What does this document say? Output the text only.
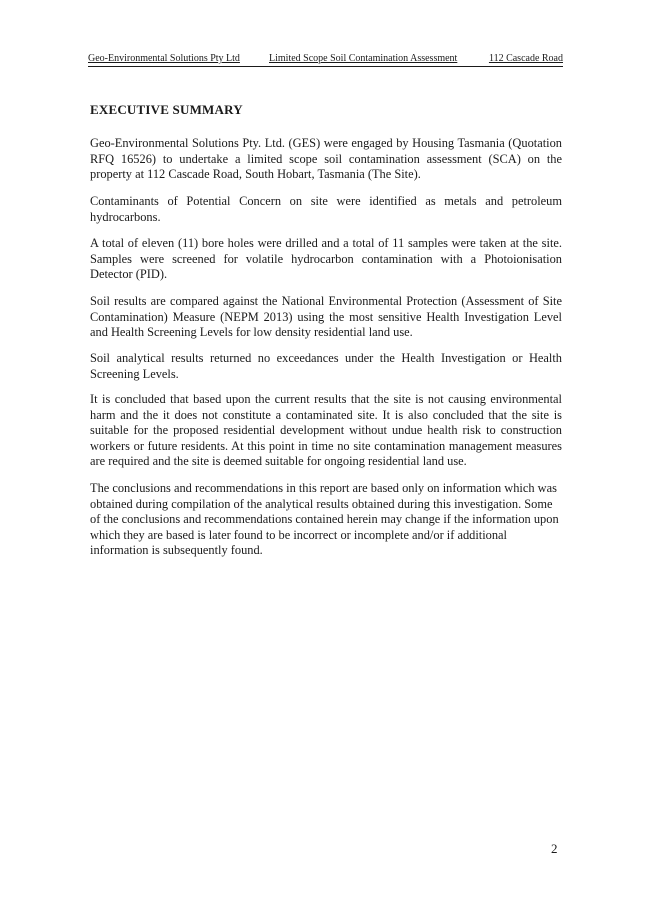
Geo-Environmental Solutions Pty Ltd	Limited Scope Soil Contamination Assessment	112 Cascade Road
EXECUTIVE SUMMARY

Geo-Environmental Solutions Pty. Ltd. (GES) were engaged by Housing Tasmania (Quotation RFQ 16526) to undertake a limited scope soil contamination assessment (SCA) on the property at 112 Cascade Road, South Hobart, Tasmania (The Site).

Contaminants of Potential Concern on site were identified as metals and petroleum hydrocarbons.

A total of eleven (11) bore holes were drilled and a total of 11 samples were taken at the site. Samples were screened for volatile hydrocarbon contamination with a Photoionisation Detector (PID).

Soil results are compared against the National Environmental Protection (Assessment of Site Contamination) Measure (NEPM 2013) using the most sensitive Health Investigation Level and Health Screening Levels for low density residential land use.

Soil analytical results returned no exceedances under the Health Investigation or Health Screening Levels.

It is concluded that based upon the current results that the site is not causing environmental harm and the it does not constitute a contaminated site. It is also concluded that the site is suitable for the proposed residential development without undue health risk to construction workers or future residents. At this point in time no site contamination management measures are required and the site is deemed suitable for ongoing residential land use.

The conclusions and recommendations in this report are based only on information which was obtained during compilation of the analytical results obtained during this investigation. Some of the conclusions and recommendations contained herein may change if the information upon which they are based is later found to be incorrect or incomplete and/or if additional information is subsequently found.

2
